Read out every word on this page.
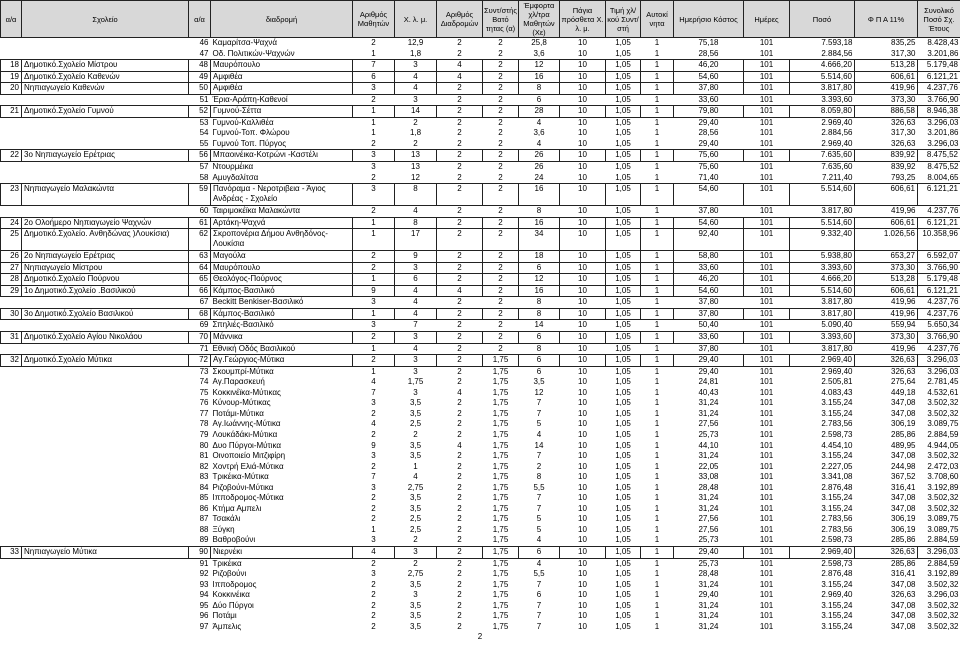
α/α	Σχολείο	α/α	διαδρομή	Αριθμός Μαθητών	Χ. λ. μ.	Αριθμός Διαδρομών	Συντ/στής Βατό τητας (α)	Έμφορτα χλ/τρα Μαθητών (Χε)	Πάγια πρόσθετα Χ. λ. μ.	Τιμή χλ/κού Συντ/στή	Αυτοκί νητα	Ημερήσιο Κόστος	Ημέρες	Ποσό	Φ Π Α 11%	Συνολικό Ποσό Σχ. Έτους
		46	Καμαρίτσα-Ψαχνά	2	12,9	2	2	25,8	10	1,05	1	75,18	101	7.593,18	835,25	8.428,43
		47	Οδ. Πολιτικών-Ψαχνών	1	1,8	2	2	3,6	10	1,05	1	28,56	101	2.884,56	317,30	3.201,86
18	Δημοτικό.Σχολείο Μίστρου	48	Μαυρόπουλο	7	3	4	2	12	10	1,05	1	46,20	101	4.666,20	513,28	5.179,48
19	Δημοτικό.Σχολείο Καθενών	49	Αμφιθέα	6	4	4	2	16	10	1,05	1	54,60	101	5.514,60	606,61	6.121,21
20	Νηπιαγωγείο Καθενών	50	Αμφιθέα	3	4	2	2	8	10	1,05	1	37,80	101	3.817,80	419,96	4.237,76
		51	Έρια-Αράπη-Καθενοί	2	3	2	2	6	10	1,05	1	33,60	101	3.393,60	373,30	3.766,90
21	Δημοτικό.Σχολείο Γυμνού	52	Γυμνού-Σέττα	1	14	2	2	28	10	1,05	1	79,80	101	8.059,80	886,58	8.946,38
		53	Γυμνού-Καλλιθέα	1	2	2	2	4	10	1,05	1	29,40	101	2.969,40	326,63	3.296,03
		54	Γυμνού-Τοπ. Φλώρου	1	1,8	2	2	3,6	10	1,05	1	28,56	101	2.884,56	317,30	3.201,86
		55	Γυμνού Τοπ. Πύργος	2	2	2	2	4	10	1,05	1	29,40	101	2.969,40	326,63	3.296,03
22	3ο Νηπιαγωγείο Ερέτριας	56	Μπαοινέικα-Κοτρώνι -Καστέλι	3	13	2	2	26	10	1,05	1	75,60	101	7.635,60	839,92	8.475,52
		57	Ντουρμέικα	3	13	2	2	26	10	1,05	1	75,60	101	7.635,60	839,92	8.475,52
		58	Αμυγδαλίτσα	2	12	2	2	24	10	1,05	1	71,40	101	7.211,40	793,25	8.004,65
23	Νηπιαγωγείο Μαλακώντα	59	Πανόραμα - Νεροτριβεια - Άγιος Ανδρέας - Σχολείο	3	8	2	2	16	10	1,05	1	54,60	101	5.514,60	606,61	6.121,21
		60	Ταιριμοκέϊκα Μαλακώντα	2	4	2	2	8	10	1,05	1	37,80	101	3.817,80	419,96	4.237,76
24	2ο Ολοήμερο Νηπιαγωγείο Ψαχνών	61	Αρτάκη-Ψαχνά	1	8	2	2	16	10	1,05	1	54,60	101	5.514,60	606,61	6.121,21
25	Δημοτικό.Σχολείο. Ανθηδώνας )Λουκίσια)	62	Σκροπονέρια Δήμου Ανθηδόνος-Λουκίσια	1	17	2	2	34	10	1,05	1	92,40	101	9.332,40	1.026,56	10.358,96
26	2ο Νηπιαγωγείο Ερέτριας	63	Μαγούλα	2	9	2	2	18	10	1,05	1	58,80	101	5.938,80	653,27	6.592,07
27	Νηπιαγωγείο Μίστρου	64	Μαυρόπουλο	2	3	2	2	6	10	1,05	1	33,60	101	3.393,60	373,30	3.766,90
28	Δημοτικό.Σχολείο Πούρνου	65	Θεολόγος-Πούρνος	1	6	2	2	12	10	1,05	1	46,20	101	4.666,20	513,28	5.179,48
29	1ο Δημοτικό.Σχολείο .Βασιλικού	66	Κάμπος-Βασιλικό	9	4	4	2	16	10	1,05	1	54,60	101	5.514,60	606,61	6.121,21
		67	Beckitt Benkiser-Βασιλικό	3	4	2	2	8	10	1,05	1	37,80	101	3.817,80	419,96	4.237,76
30	3ο Δημοτικό.Σχολείο Βασιλικού	68	Κάμπος-Βασιλικό	1	4	2	2	8	10	1,05	1	37,80	101	3.817,80	419,96	4.237,76
		69	Σπηλιές-Βασιλικό	3	7	2	2	14	10	1,05	1	50,40	101	5.090,40	559,94	5.650,34
31	Δημοτικό.Σχολείο Αγίου Νικολάου	70	Μάννικα	2	3	2	2	6	10	1,05	1	33,60	101	3.393,60	373,30	3.766,90
		71	Εθνική Οδός Βασιλικού	1	4	2	2	8	10	1,05	1	37,80	101	3.817,80	419,96	4.237,76
32	Δημοτικό.Σχολείο Μύτικα	72	Αγ.Γεώργιος-Μύτικα	2	3	2	1,75	6	10	1,05	1	29,40	101	2.969,40	326,63	3.296,03
		73	Σκουμπρί-Μύτικα	1	3	2	1,75	6	10	1,05	1	29,40	101	2.969,40	326,63	3.296,03
		74	Αγ.Παρασκευή	4	1,75	2	1,75	3,5	10	1,05	1	24,81	101	2.505,81	275,64	2.781,45
		75	Κοκκινέϊκα-Μύτικας	7	3	4	1,75	12	10	1,05	1	40,43	101	4.083,43	449,18	4.532,61
		76	Κύνουρ-Μύτικας	3	3,5	2	1,75	7	10	1,05	1	31,24	101	3.155,24	347,08	3.502,32
		77	Ποτάμι-Μύτικα	2	3,5	2	1,75	7	10	1,05	1	31,24	101	3.155,24	347,08	3.502,32
		78	Αγ.Ιωάννης-Μύτικα	4	2,5	2	1,75	5	10	1,05	1	27,56	101	2.783,56	306,19	3.089,75
		79	Λουκάδάκι-Μύτικα	2	2	2	1,75	4	10	1,05	1	25,73	101	2.598,73	285,86	2.884,59
		80	Δυο Πύργοι-Μύτικα	9	3,5	4	1,75	14	10	1,05	1	44,10	101	4.454,10	489,95	4.944,05
		81	Οινοποιείο Μιτζιφίρη	3	3,5	2	1,75	7	10	1,05	1	31,24	101	3.155,24	347,08	3.502,32
		82	Χοντρή Ελιά-Μύτικα	2	1	2	1,75	2	10	1,05	1	22,05	101	2.227,05	244,98	2.472,03
		83	Τρικέικα-Μύτικα	7	4	2	1,75	8	10	1,05	1	33,08	101	3.341,08	367,52	3.708,60
		84	Ριζοβούνι-Μύτικα	3	2,75	2	1,75	5,5	10	1,05	1	28,48	101	2.876,48	316,41	3.192,89
		85	Ιπποδρομος-Μύτικα	2	3,5	2	1,75	7	10	1,05	1	31,24	101	3.155,24	347,08	3.502,32
		86	Κτήμα Αμπελι	2	3,5	2	1,75	7	10	1,05	1	31,24	101	3.155,24	347,08	3.502,32
		87	Τσακάλι	2	2,5	2	1,75	5	10	1,05	1	27,56	101	2.783,56	306,19	3.089,75
		88	Ξύγκη	1	2,5	2	1,75	5	10	1,05	1	27,56	101	2.783,56	306,19	3.089,75
		89	Βαθροβούνι	3	2	2	1,75	4	10	1,05	1	25,73	101	2.598,73	285,86	2.884,59
33	Νηπιαγωγείο Μύτικα	90	Νιερνέκι	4	3	2	1,75	6	10	1,05	1	29,40	101	2.969,40	326,63	3.296,03
		91	Τρικέικα	2	2	2	1,75	4	10	1,05	1	25,73	101	2.598,73	285,86	2.884,59
		92	Ριζοβούνι	3	2,75	2	1,75	5,5	10	1,05	1	28,48	101	2.876,48	316,41	3.192,89
		93	Ιπποδρομος	2	3,5	2	1,75	7	10	1,05	1	31,24	101	3.155,24	347,08	3.502,32
		94	Κοκκινέικα	2	3	2	1,75	6	10	1,05	1	29,40	101	2.969,40	326,63	3.296,03
		95	Δύο Πύργοι	2	3,5	2	1,75	7	10	1,05	1	31,24	101	3.155,24	347,08	3.502,32
		96	Ποτάμι	2	3,5	2	1,75	7	10	1,05	1	31,24	101	3.155,24	347,08	3.502,32
		97	Άμπελις	2	3,5	2	1,75	7	10	1,05	1	31,24	101	3.155,24	347,08	3.502,32
2
